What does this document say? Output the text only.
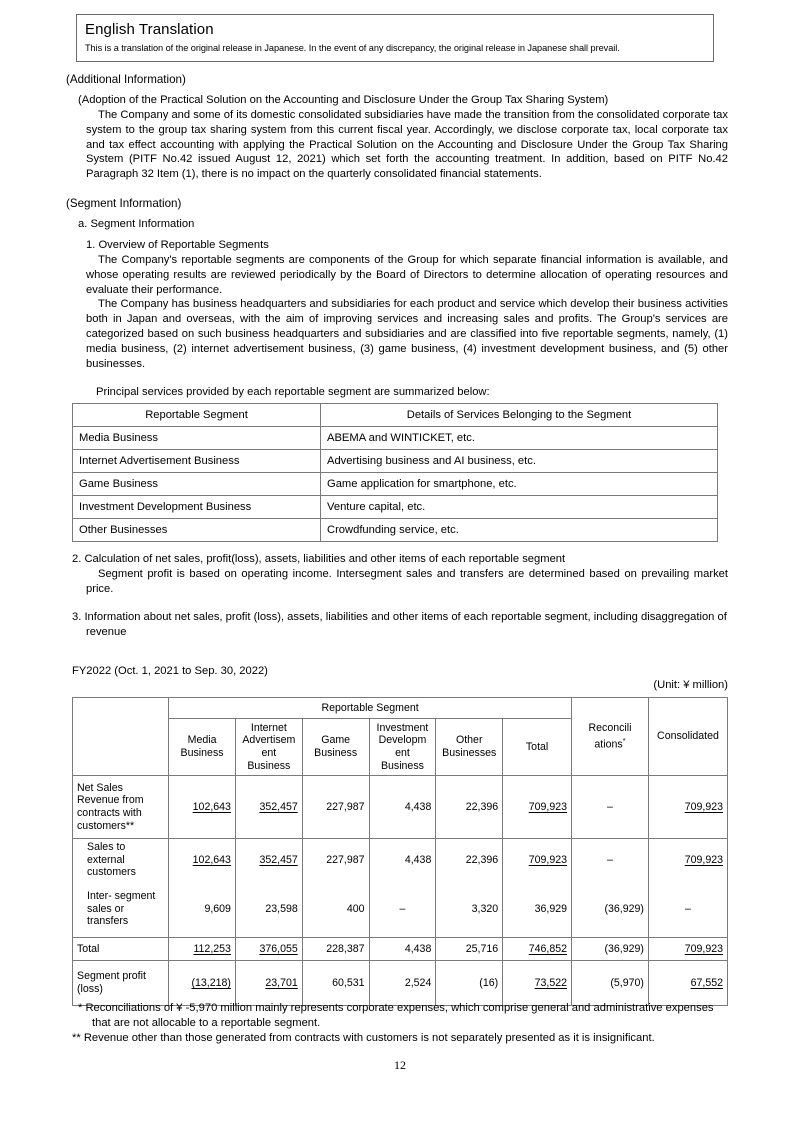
English Translation
This is a translation of the original release in Japanese. In the event of any discrepancy, the original release in Japanese shall prevail.
(Additional Information)
(Adoption of the Practical Solution on the Accounting and Disclosure Under the Group Tax Sharing System)
The Company and some of its domestic consolidated subsidiaries have made the transition from the consolidated corporate tax system to the group tax sharing system from this current fiscal year. Accordingly, we disclose corporate tax, local corporate tax and tax effect accounting with applying the Practical Solution on the Accounting and Disclosure Under the Group Tax Sharing System (PITF No.42 issued August 12, 2021) which set forth the accounting treatment. In addition, based on PITF No.42 Paragraph 32 Item (1), there is no impact on the quarterly consolidated financial statements.
(Segment Information)
a. Segment Information
1. Overview of Reportable Segments
The Company's reportable segments are components of the Group for which separate financial information is available, and whose operating results are reviewed periodically by the Board of Directors to determine allocation of operating resources and evaluate their performance.
The Company has business headquarters and subsidiaries for each product and service which develop their business activities both in Japan and overseas, with the aim of improving services and increasing sales and profits. The Group's services are categorized based on such business headquarters and subsidiaries and are classified into five reportable segments, namely, (1) media business, (2) internet advertisement business, (3) game business, (4) investment development business, and (5) other businesses.
Principal services provided by each reportable segment are summarized below:
Reportable Segment	Details of Services Belonging to the Segment
Media Business	ABEMA and WINTICKET, etc.
Internet Advertisement Business	Advertising business and AI business, etc.
Game Business	Game application for smartphone, etc.
Investment Development Business	Venture capital, etc.
Other Businesses	Crowdfunding service, etc.
2. Calculation of net sales, profit(loss), assets, liabilities and other items of each reportable segment
Segment profit is based on operating income. Intersegment sales and transfers are determined based on prevailing market price.
3. Information about net sales, profit (loss), assets, liabilities and other items of each reportable segment, including disaggregation of revenue
FY2022 (Oct. 1, 2021 to Sep. 30, 2022)
(Unit: ¥ million)
	Reportable Segment						Reconcili ations*	Consolidated
	Media Business	Internet Advertisem ent Business	Game Business	Investment Developm ent Business	Other Businesses	Total		
Net Sales Revenue from contracts with customers**	102,643	352,457	227,987	4,438	22,396	709,923	–	709,923
Sales to external customers	102,643	352,457	227,987	4,438	22,396	709,923	–	709,923
Inter- segment sales or transfers	9,609	23,598	400	–	3,320	36,929	(36,929)	–
Total	112,253	376,055	228,387	4,438	25,716	746,852	(36,929)	709,923
Segment profit (loss)	(13,218)	23,701	60,531	2,524	(16)	73,522	(5,970)	67,552
* Reconciliations of ¥ -5,970 million mainly represents corporate expenses, which comprise general and administrative expenses that are not allocable to a reportable segment.
** Revenue other than those generated from contracts with customers is not separately presented as it is insignificant.
12
